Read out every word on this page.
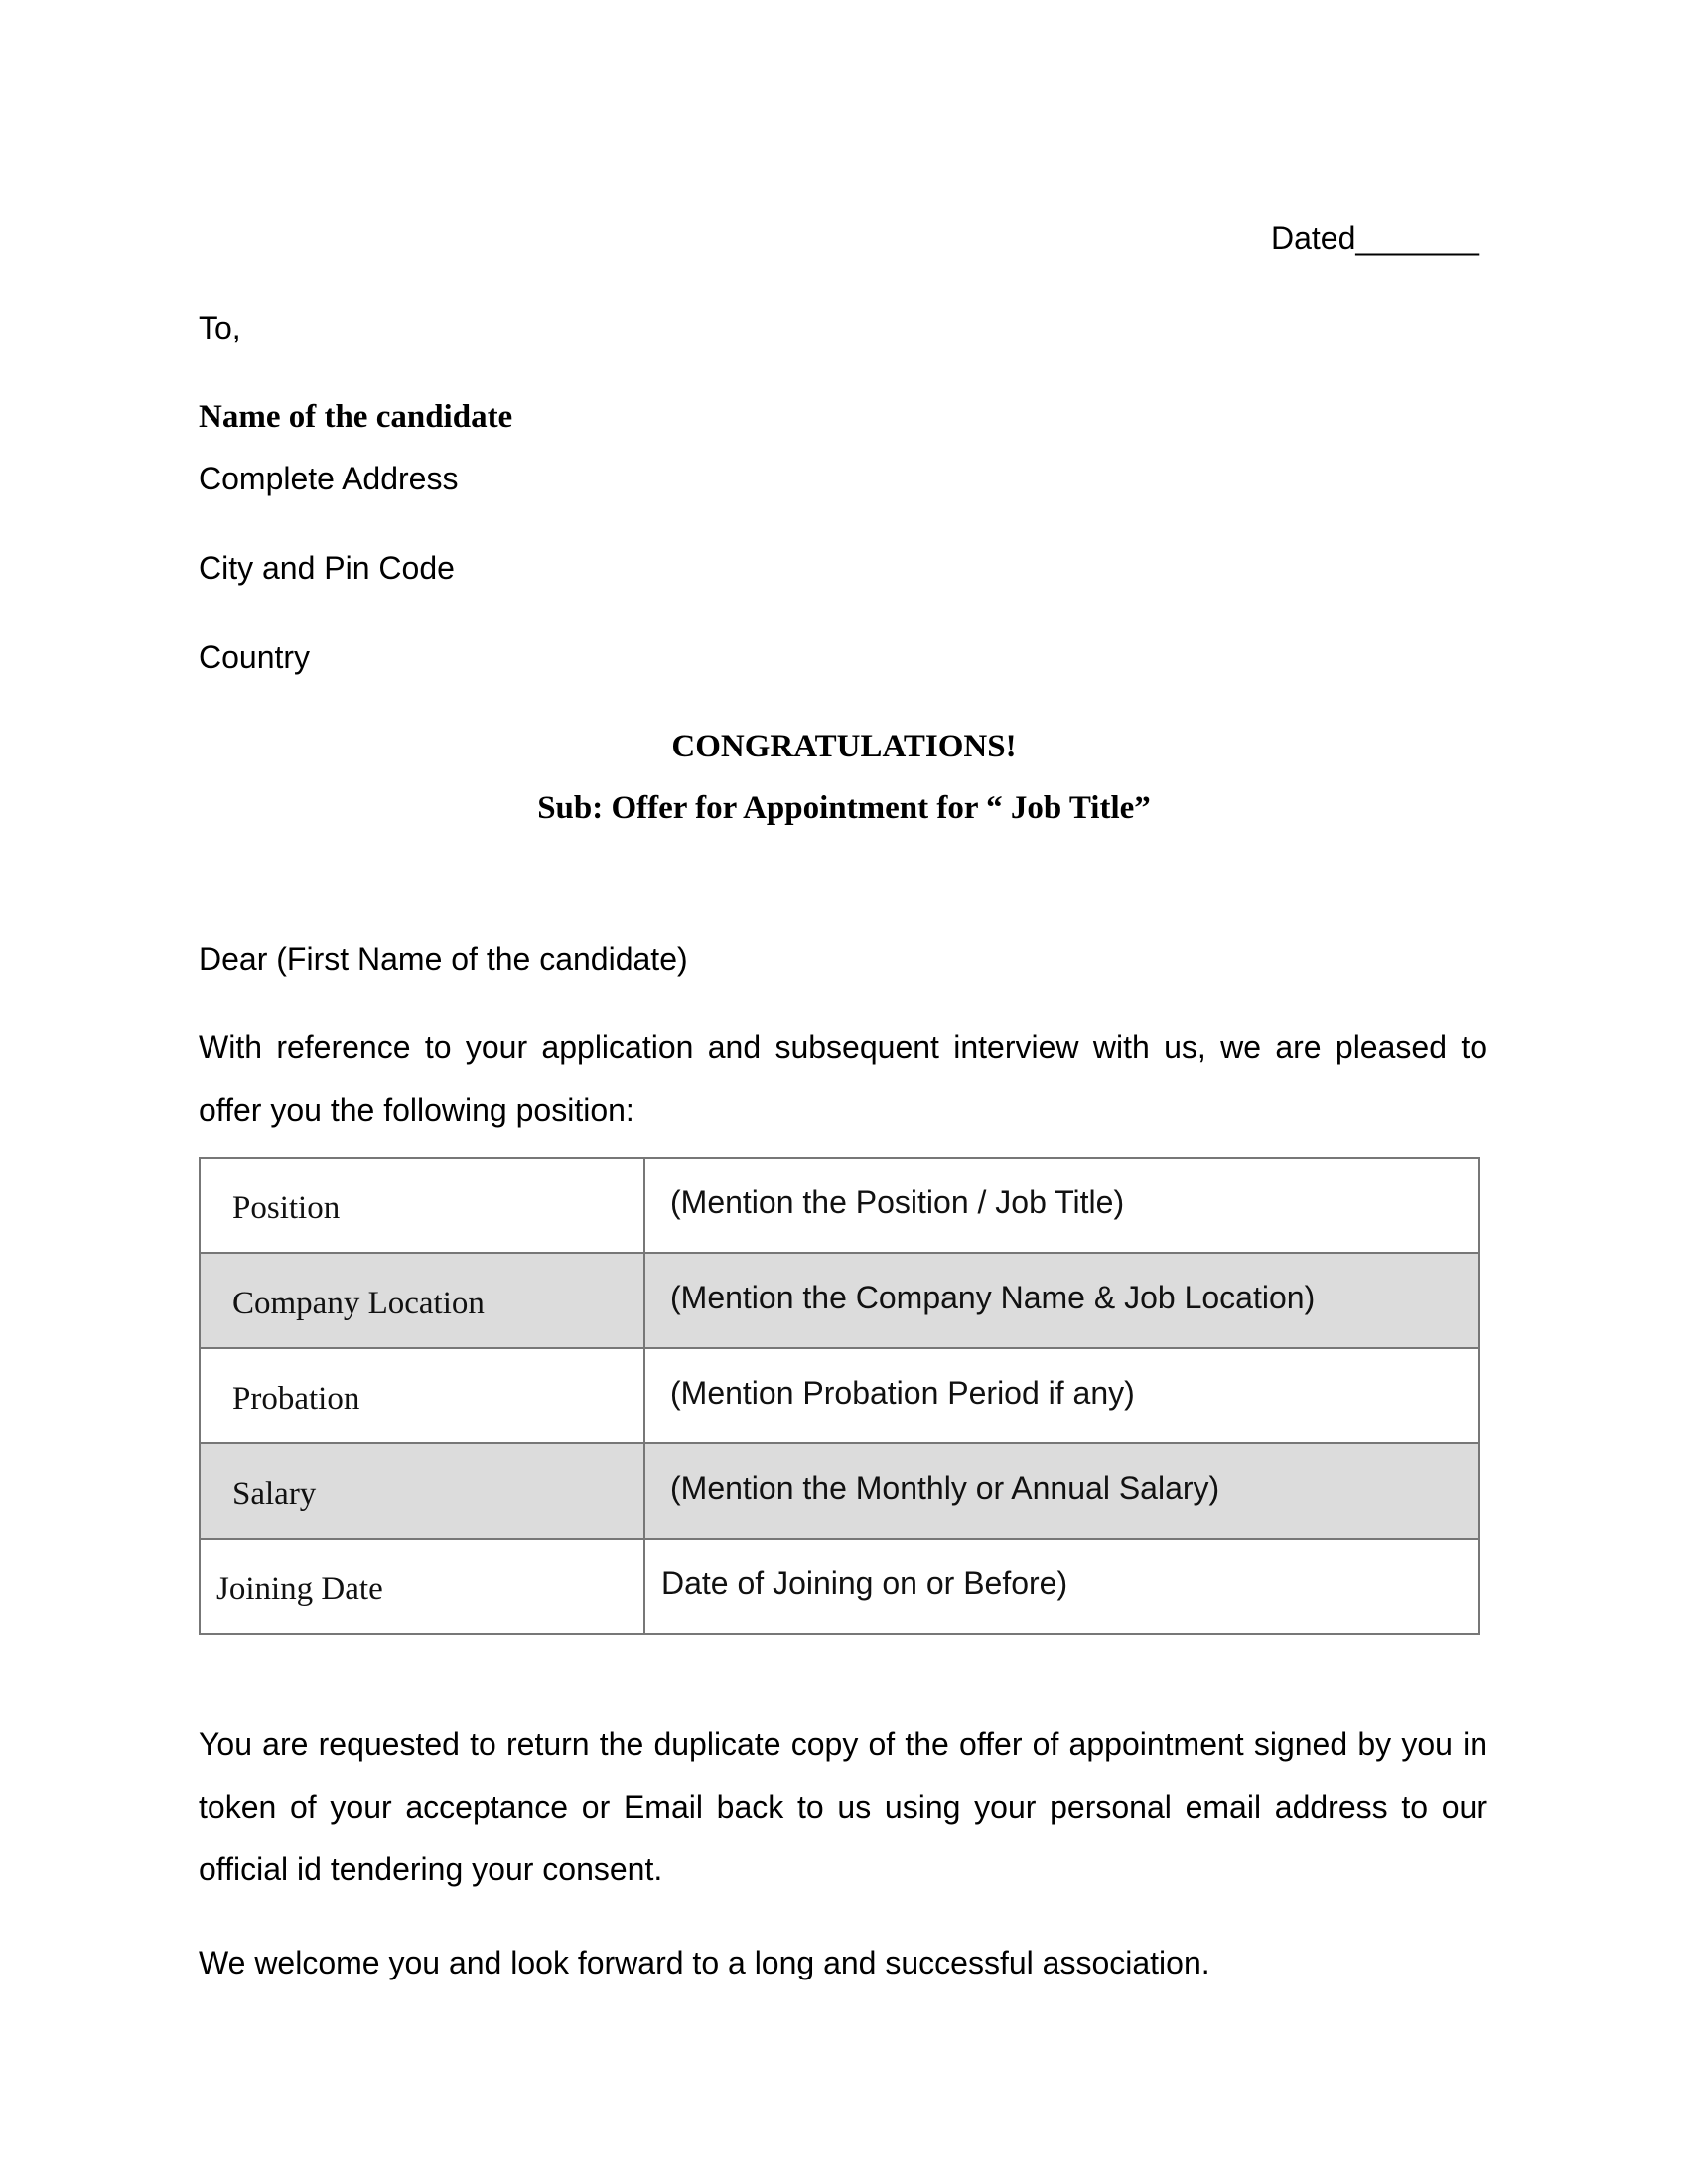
Dated_______
To,
Name of the candidate
Complete Address
City and Pin Code
Country
CONGRATULATIONS!
Sub: Offer for Appointment for “ Job Title”
Dear (First Name of the candidate)
With reference to your application and subsequent interview with us, we are pleased to offer you the following position:
Position	(Mention the Position / Job Title)
Company Location	(Mention the Company Name & Job Location)
Probation	(Mention Probation Period if any)
Salary	(Mention the Monthly or Annual Salary)
Joining Date	Date of Joining on or Before)
You are requested to return the duplicate copy of the offer of appointment signed by you in token of your acceptance or Email back to us using your personal email address to our official id tendering your consent.
We welcome you and look forward to a long and successful association.
